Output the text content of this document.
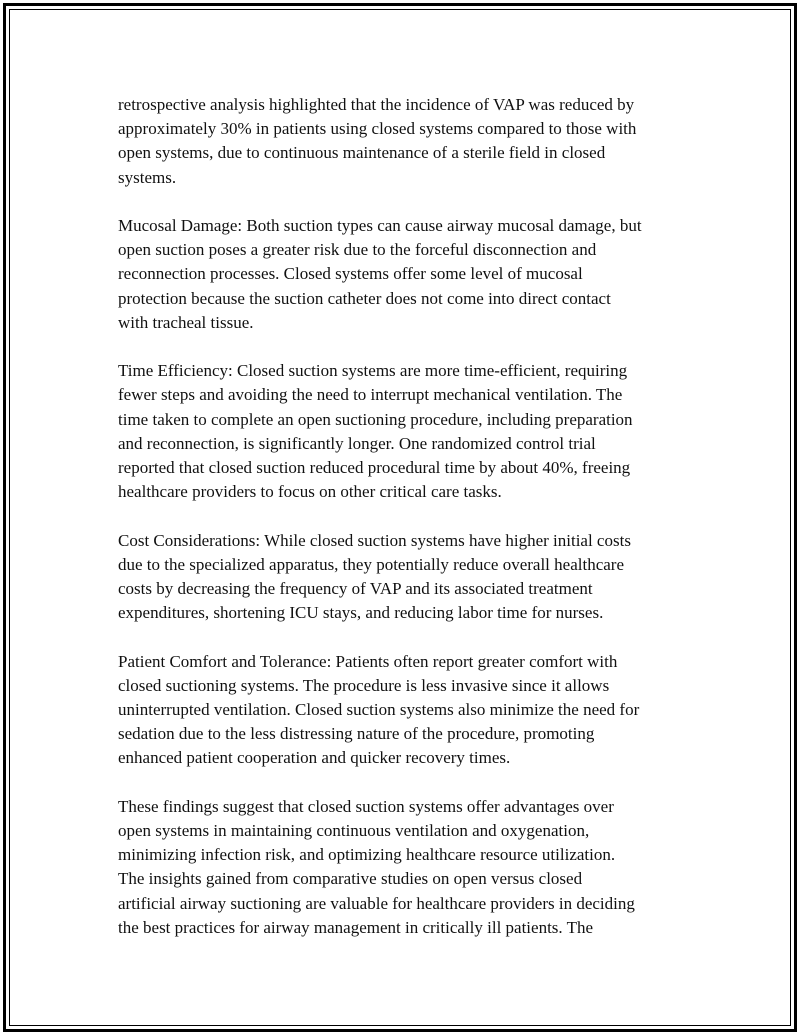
retrospective analysis highlighted that the incidence of VAP was reduced by
approximately 30% in patients using closed systems compared to those with
open systems, due to continuous maintenance of a sterile field in closed
systems.

Mucosal Damage: Both suction types can cause airway mucosal damage, but
open suction poses a greater risk due to the forceful disconnection and
reconnection processes. Closed systems offer some level of mucosal
protection because the suction catheter does not come into direct contact
with tracheal tissue.

Time Efficiency: Closed suction systems are more time-efficient, requiring
fewer steps and avoiding the need to interrupt mechanical ventilation. The
time taken to complete an open suctioning procedure, including preparation
and reconnection, is significantly longer. One randomized control trial
reported that closed suction reduced procedural time by about 40%, freeing
healthcare providers to focus on other critical care tasks.

Cost Considerations: While closed suction systems have higher initial costs
due to the specialized apparatus, they potentially reduce overall healthcare
costs by decreasing the frequency of VAP and its associated treatment
expenditures, shortening ICU stays, and reducing labor time for nurses.

Patient Comfort and Tolerance: Patients often report greater comfort with
closed suctioning systems. The procedure is less invasive since it allows
uninterrupted ventilation. Closed suction systems also minimize the need for
sedation due to the less distressing nature of the procedure, promoting
enhanced patient cooperation and quicker recovery times.

These findings suggest that closed suction systems offer advantages over
open systems in maintaining continuous ventilation and oxygenation,
minimizing infection risk, and optimizing healthcare resource utilization.
The insights gained from comparative studies on open versus closed
artificial airway suctioning are valuable for healthcare providers in deciding
the best practices for airway management in critically ill patients. The
